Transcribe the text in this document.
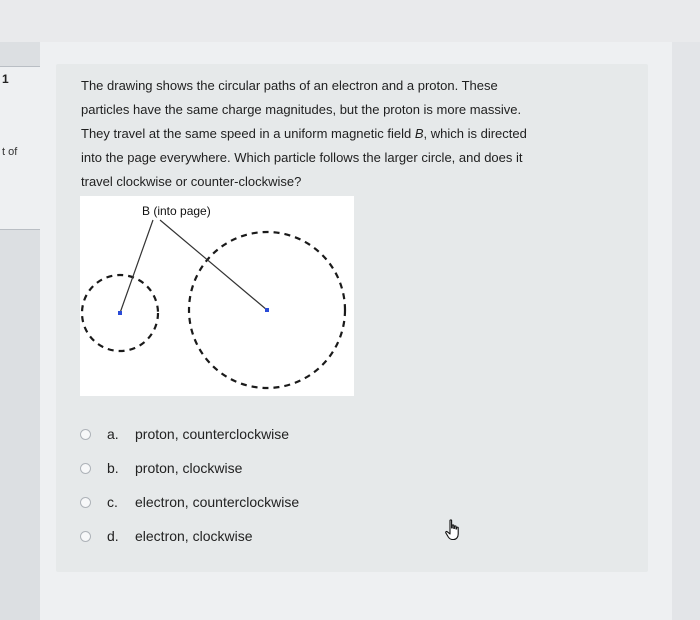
1
t of
The drawing shows the circular paths of an electron and a proton. These
particles have the same charge magnitudes, but the proton is more massive.
They travel at the same speed in a uniform magnetic field B, which is directed
into the page everywhere. Which particle follows the larger circle, and does it
travel clockwise or counter-clockwise?
B (into page)
a. proton, counterclockwise
b. proton, clockwise
c. electron, counterclockwise
d. electron, clockwise
